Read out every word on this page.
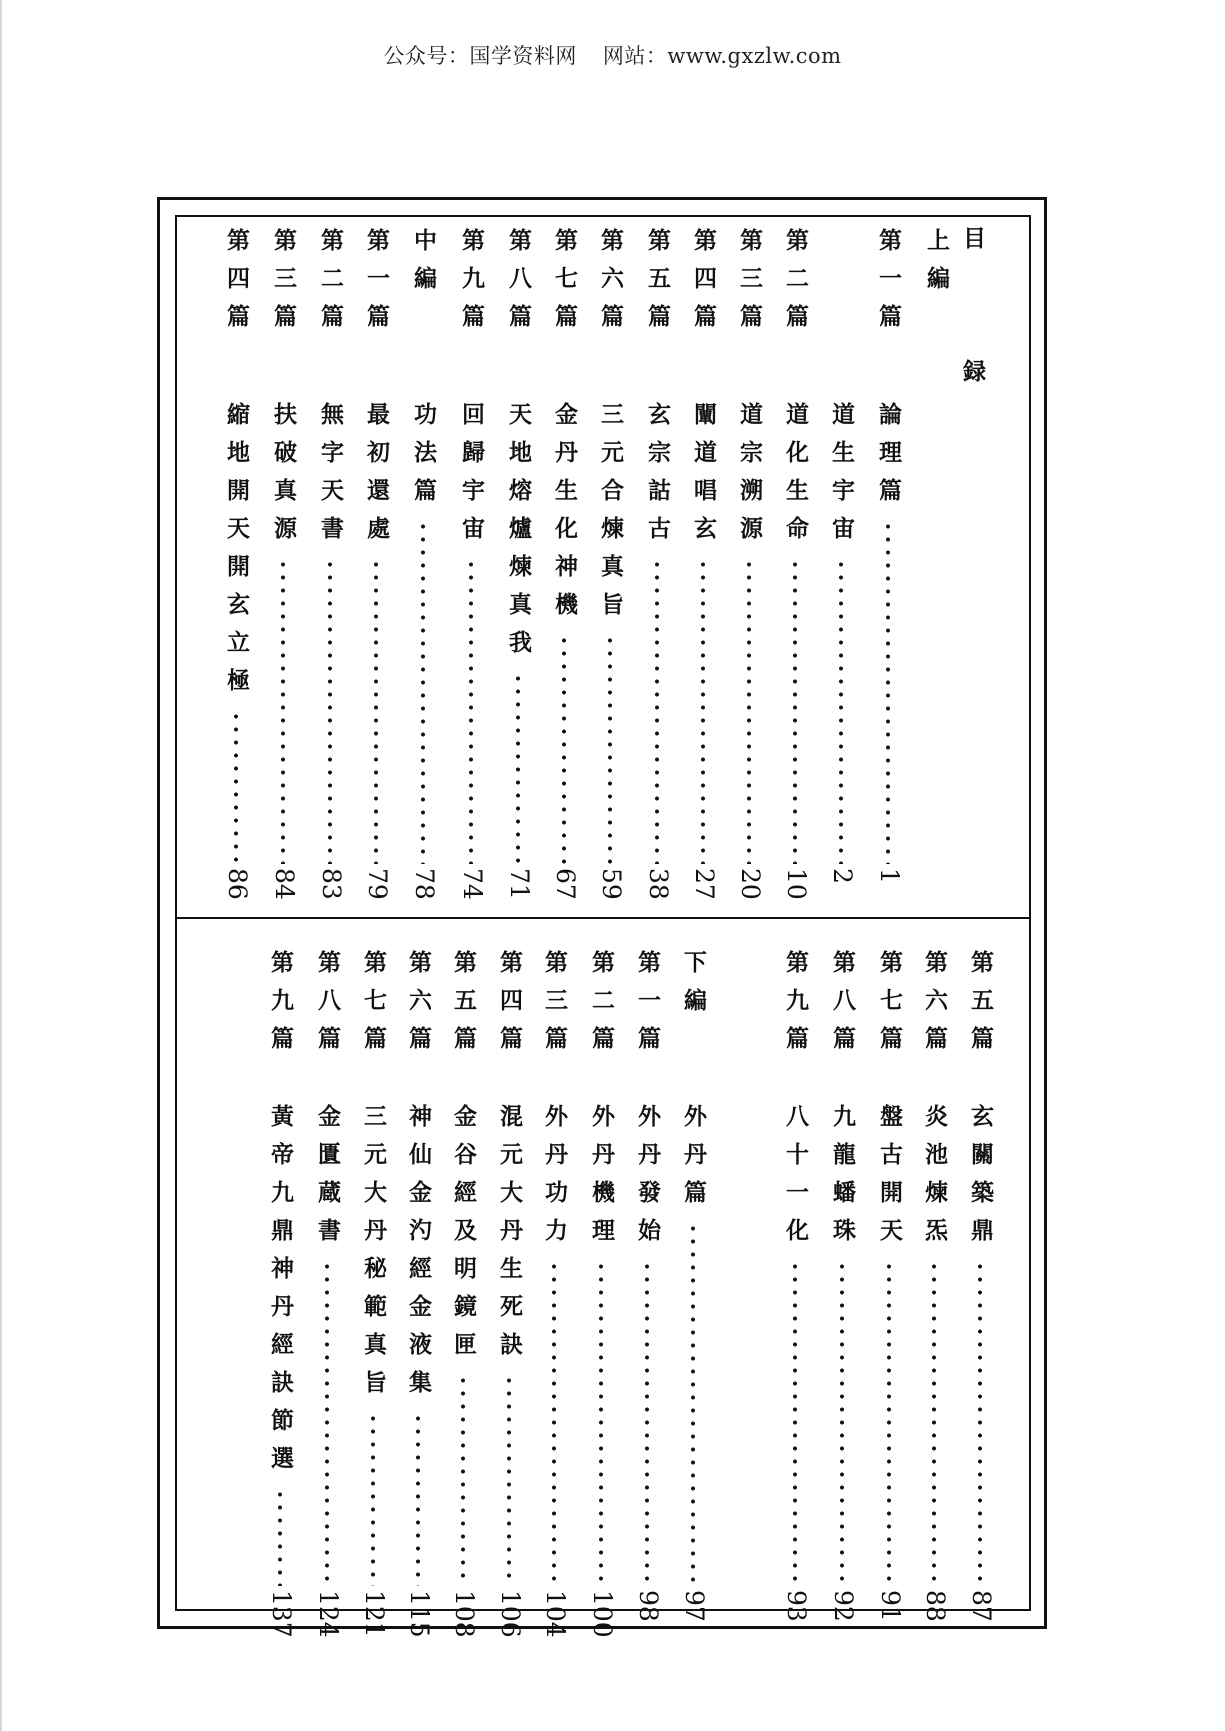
公众号：国学资料网 网站：www.gxzlw.com
目録
上編
第一篇
論理篇
1
道生宇宙
2
第二篇
道化生命
10
第三篇
道宗溯源
20
第四篇
闡道唱玄
27
第五篇
玄宗詁古
38
第六篇
三元合煉真旨
59
第七篇
金丹生化神機
67
第八篇
天地熔爐煉真我
71
第九篇
回歸宇宙
74
中編
功法篇
78
第一篇
最初還處
79
第二篇
無字天書
83
第三篇
扶破真源
84
第四篇
縮地開天開玄立極
86
第五篇
玄關築鼎
87
第六篇
炎池煉炁
88
第七篇
盤古開天
91
第八篇
九龍蟠珠
92
第九篇
八十一化
93
下編
外丹篇
97
第一篇
外丹發始
98
第二篇
外丹機理
100
第三篇
外丹功力
104
第四篇
混元大丹生死訣
106
第五篇
金谷經及明鏡匣
108
第六篇
神仙金汋經金液集
115
第七篇
三元大丹秘範真旨
121
第八篇
金匱蔵書
124
第九篇
黃帝九鼎神丹經訣節選
137
